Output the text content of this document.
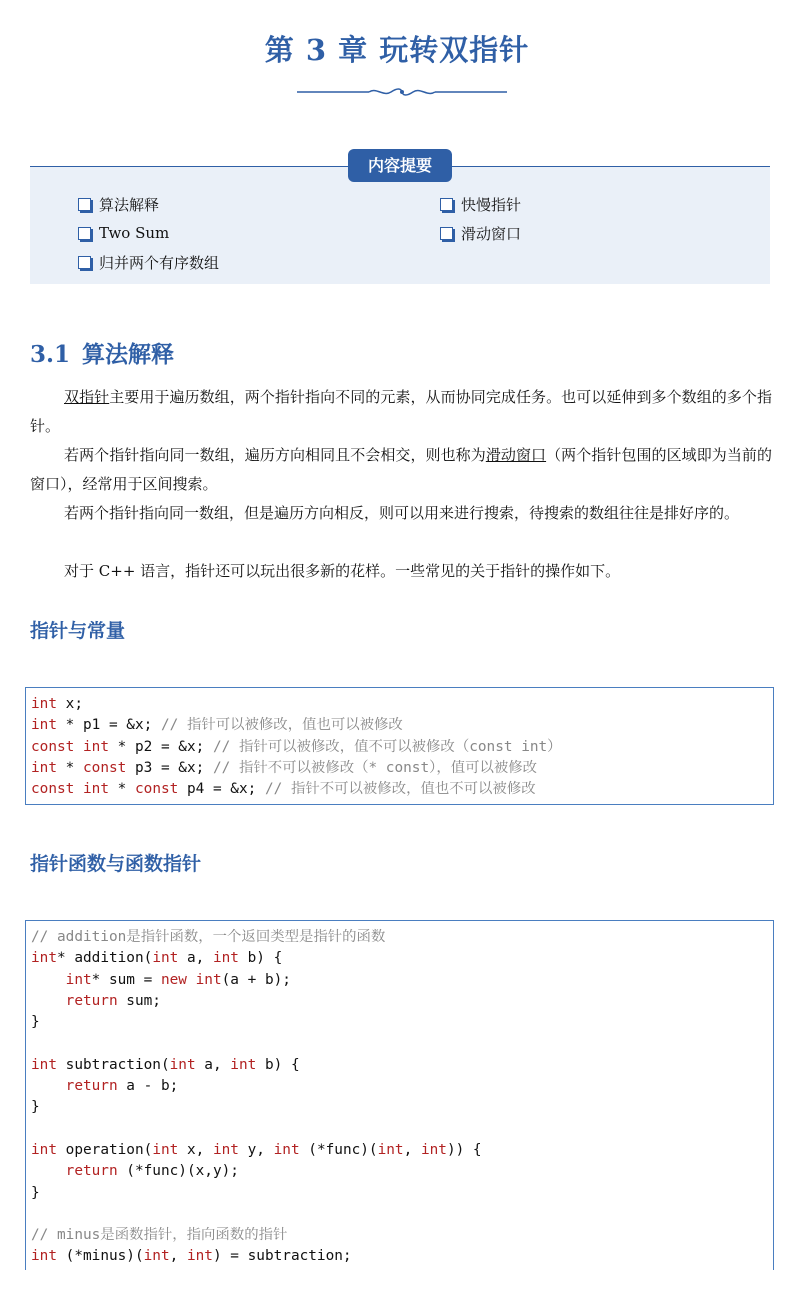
第 3 章 玩转双指针
内容提要
算法解释	快慢指针
Two Sum	滑动窗口
归并两个有序数组
3.1 算法解释

双指针主要用于遍历数组，两个指针指向不同的元素，从而协同完成任务。也可以延伸到多个数组的多个指针。

若两个指针指向同一数组，遍历方向相同且不会相交，则也称为滑动窗口（两个指针包围的区域即为当前的窗口），经常用于区间搜索。

若两个指针指向同一数组，但是遍历方向相反，则可以用来进行搜索，待搜索的数组往往是排好序的。

对于 C++ 语言，指针还可以玩出很多新的花样。一些常见的关于指针的操作如下。

指针与常量
int x;
int * p1 = &x; // 指针可以被修改，值也可以被修改
const int * p2 = &x; // 指针可以被修改，值不可以被修改（const int）
int * const p3 = &x; // 指针不可以被修改（* const），值可以被修改
const int * const p4 = &x; // 指针不可以被修改，值也不可以被修改
指针函数与函数指针
// addition是指针函数，一个返回类型是指针的函数
int* addition(int a, int b) {
int* sum = new int(a + b);
return sum;
}

int subtraction(int a, int b) {
return a - b;
}

int operation(int x, int y, int (*func)(int, int)) {
return (*func)(x,y);
}

// minus是函数指针，指向函数的指针
int (*minus)(int, int) = subtraction;
